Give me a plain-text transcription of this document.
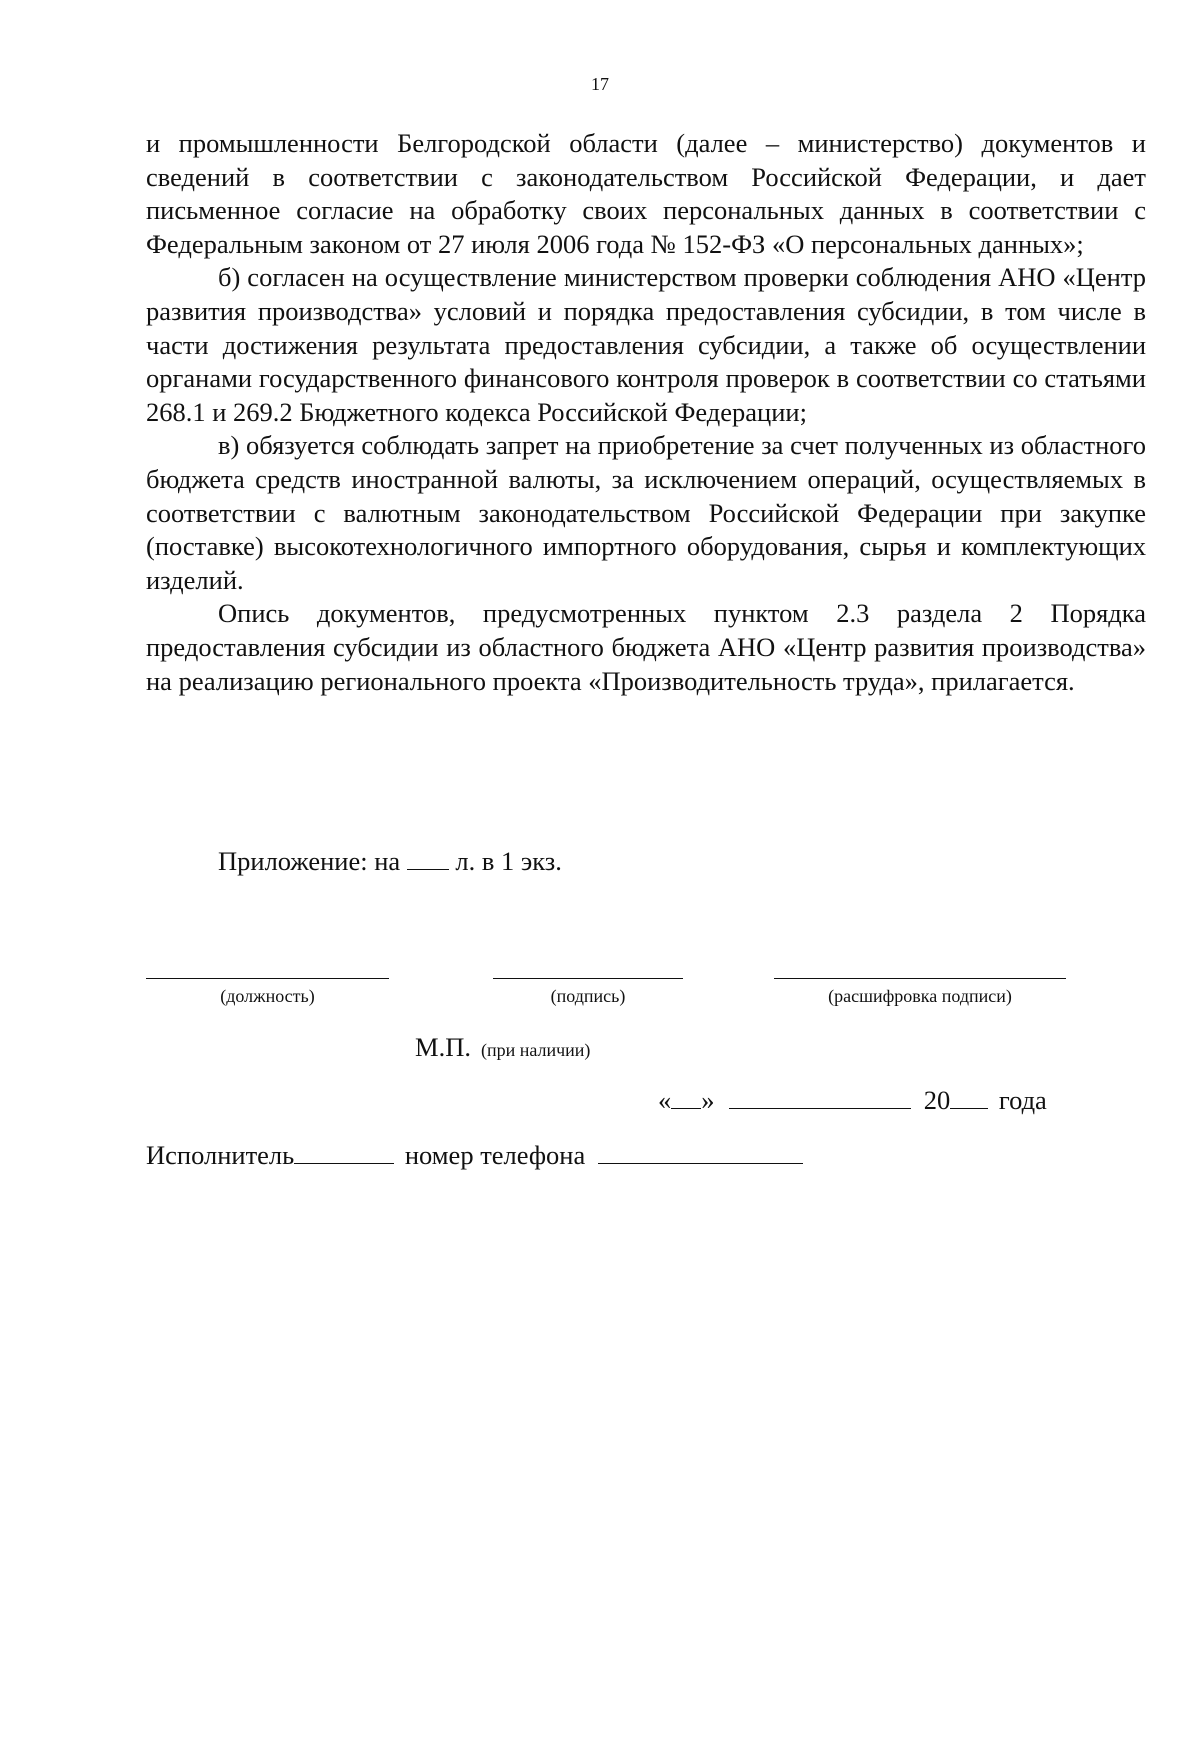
17

и промышленности Белгородской области (далее – министерство) документов и сведений в соответствии с законодательством Российской Федерации, и дает письменное согласие на обработку своих персональных данных в соответствии с Федеральным законом от 27 июля 2006 года № 152-ФЗ «О персональных данных»;

б) согласен на осуществление министерством проверки соблюдения АНО «Центр развития производства» условий и порядка предоставления субсидии, в том числе в части достижения результата предоставления субсидии, а также об осуществлении органами государственного финансового контроля проверок в соответствии со статьями 268.1 и 269.2 Бюджетного кодекса Российской Федерации;

в) обязуется соблюдать запрет на приобретение за счет полученных из областного бюджета средств иностранной валюты, за исключением операций, осуществляемых в соответствии с валютным законодательством Российской Федерации при закупке (поставке) высокотехнологичного импортного оборудования, сырья и комплектующих изделий.

Опись документов, предусмотренных пунктом 2.3 раздела 2 Порядка предоставления субсидии из областного бюджета АНО «Центр развития производства» на реализацию регионального проекта «Производительность труда», прилагается.

Приложение: на л. в 1 экз.
(должность)	(подпись)	(расшифровка подписи)
М.П. (при наличии)
« »	20 года
Исполнитель	номер телефона
